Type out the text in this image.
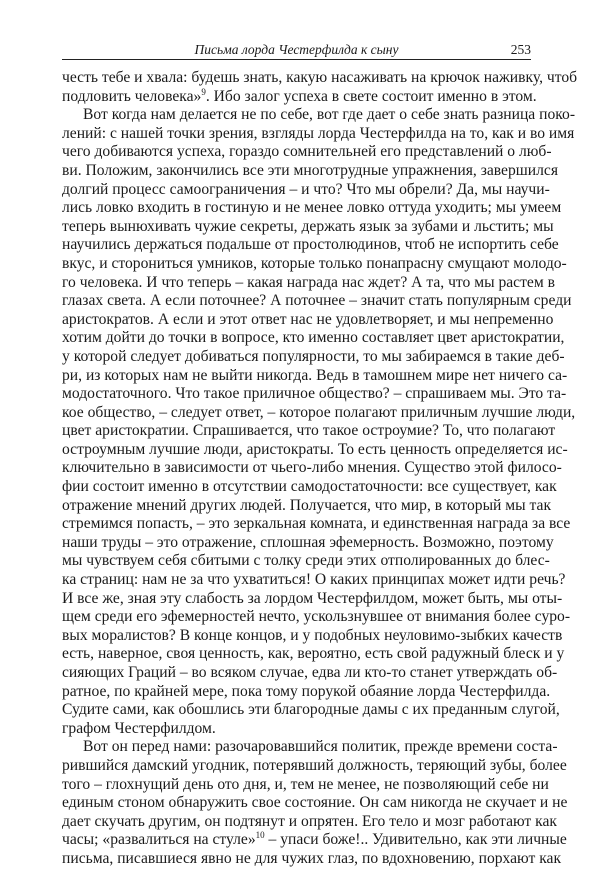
Письма лорда Честерфилда к сыну	253

честь тебе и хвала: будешь знать, какую насаживать на крючок наживку, чтоб
подловить человека»$^9$. Ибо залог успеха в свете состоит именно в этом.

Вот когда нам делается не по себе, вот где дает о себе знать разница поко-
лений: с нашей точки зрения, взгляды лорда Честерфилда на то, как и во имя
чего добиваются успеха, гораздо сомнительней его представлений о люб-
ви. Положим, закончились все эти многотрудные упражнения, завершился
долгий процесс самоограничения – и что? Что мы обрели? Да, мы научи-
лись ловко входить в гостиную и не менее ловко оттуда уходить; мы умеем
теперь вынюхивать чужие секреты, держать язык за зубами и льстить; мы
научились держаться подальше от простолюдинов, чтоб не испортить себе
вкус, и сторониться умников, которые только понапрасну смущают молодо-
го человека. И что теперь – какая награда нас ждет? А та, что мы растем в
глазах света. А если поточнее? А поточнее – значит стать популярным среди
аристократов. А если и этот ответ нас не удовлетворяет, и мы непременно
хотим дойти до точки в вопросе, кто именно составляет цвет аристократии,
у которой следует добиваться популярности, то мы забираемся в такие деб-
ри, из которых нам не выйти никогда. Ведь в тамошнем мире нет ничего са-
модостаточного. Что такое приличное общество? – спрашиваем мы. Это та-
кое общество, – следует ответ, – которое полагают приличным лучшие люди,
цвет аристократии. Спрашивается, что такое остроумие? То, что полагают
остроумным лучшие люди, аристократы. То есть ценность определяется ис-
ключительно в зависимости от чьего-либо мнения. Существо этой филосо-
фии состоит именно в отсутствии самодостаточности: все существует, как
отражение мнений других людей. Получается, что мир, в который мы так
стремимся попасть, – это зеркальная комната, и единственная награда за все
наши труды – это отражение, сплошная эфемерность. Возможно, поэтому
мы чувствуем себя сбитыми с толку среди этих отполированных до блес-
ка страниц: нам не за что ухватиться! О каких принципах может идти речь?
И все же, зная эту слабость за лордом Честерфилдом, может быть, мы оты-
щем среди его эфемерностей нечто, ускользнувшее от внимания более суро-
вых моралистов? В конце концов, и у подобных неуловимо-зыбких качеств
есть, наверное, своя ценность, как, вероятно, есть свой радужный блеск и у
сияющих Граций – во всяком случае, едва ли кто-то станет утверждать об-
ратное, по крайней мере, пока тому порукой обаяние лорда Честерфилда.
Судите сами, как обошлись эти благородные дамы с их преданным слугой,
графом Честерфилдом.

Вот он перед нами: разочаровавшийся политик, прежде времени соста-
рившийся дамский угодник, потерявший должность, теряющий зубы, более
того – глохнущий день ото дня, и, тем не менее, не позволяющий себе ни
единым стоном обнаружить свое состояние. Он сам никогда не скучает и не
дает скучать другим, он подтянут и опрятен. Его тело и мозг работают как
часы; «развалиться на стуле»$^{10}$ – упаси боже!.. Удивительно, как эти личные
письма, писавшиеся явно не для чужих глаз, по вдохновению, порхают как
